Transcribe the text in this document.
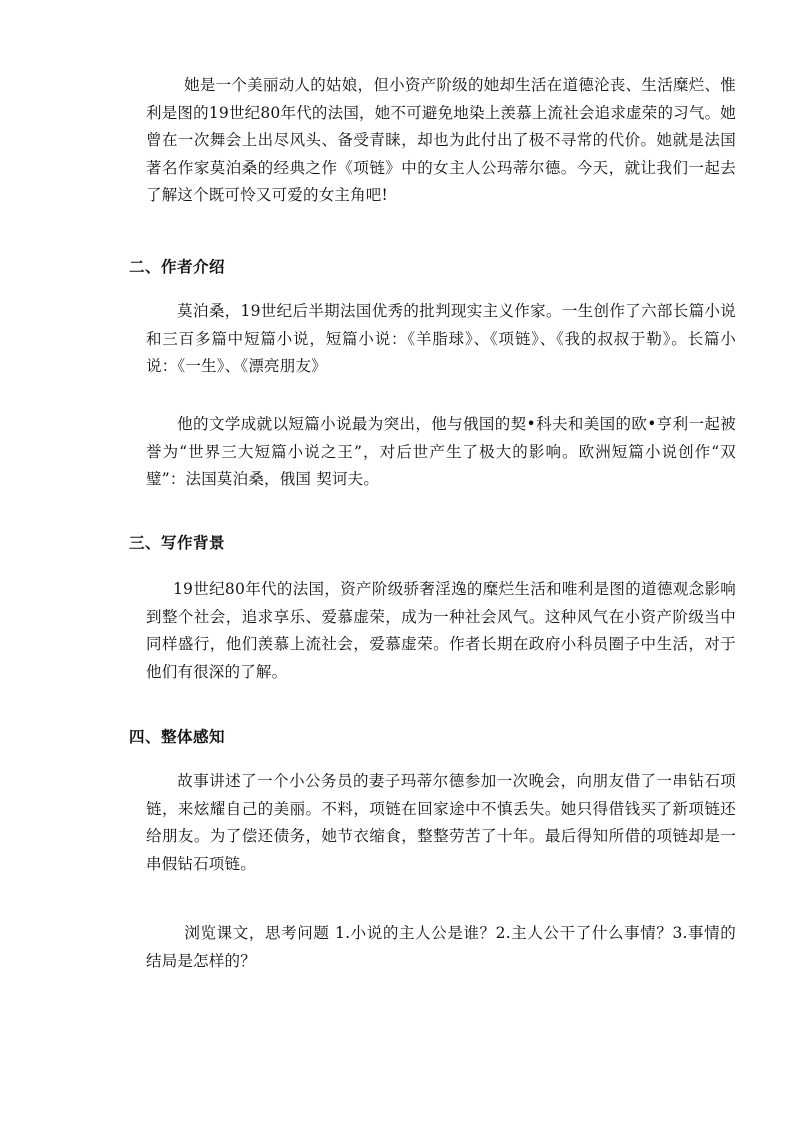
她是一个美丽动人的姑娘，但小资产阶级的她却生活在道德沦丧、生活糜烂、惟利是图的19世纪80年代的法国，她不可避免地染上羡慕上流社会追求虚荣的习气。她曾在一次舞会上出尽风头、备受青睐，却也为此付出了极不寻常的代价。她就是法国著名作家莫泊桑的经典之作《项链》中的女主人公玛蒂尔德。今天，就让我们一起去了解这个既可怜又可爱的女主角吧!

二、作者介绍

莫泊桑，19世纪后半期法国优秀的批判现实主义作家。一生创作了六部长篇小说和三百多篇中短篇小说，短篇小说：《羊脂球》、《项链》、《我的叔叔于勒》。长篇小说：《一生》、《漂亮朋友》

他的文学成就以短篇小说最为突出，他与俄国的契•科夫和美国的欧•亨利一起被誉为“世界三大短篇小说之王”，对后世产生了极大的影响。欧洲短篇小说创作“双璧”：法国莫泊桑，俄国 契诃夫。

三、写作背景

19世纪80年代的法国，资产阶级骄奢淫逸的糜烂生活和唯利是图的道德观念影响到整个社会，追求享乐、爱慕虚荣，成为一种社会风气。这种风气在小资产阶级当中同样盛行，他们羡慕上流社会，爱慕虚荣。作者长期在政府小科员圈子中生活，对于他们有很深的了解。

四、整体感知

故事讲述了一个小公务员的妻子玛蒂尔德参加一次晚会，向朋友借了一串钻石项链，来炫耀自己的美丽。不料，项链在回家途中不慎丢失。她只得借钱买了新项链还给朋友。为了偿还债务，她节衣缩食，整整劳苦了十年。最后得知所借的项链却是一串假钻石项链。

浏览课文，思考问题 1.小说的主人公是谁？2.主人公干了什么事情？3.事情的结局是怎样的？
